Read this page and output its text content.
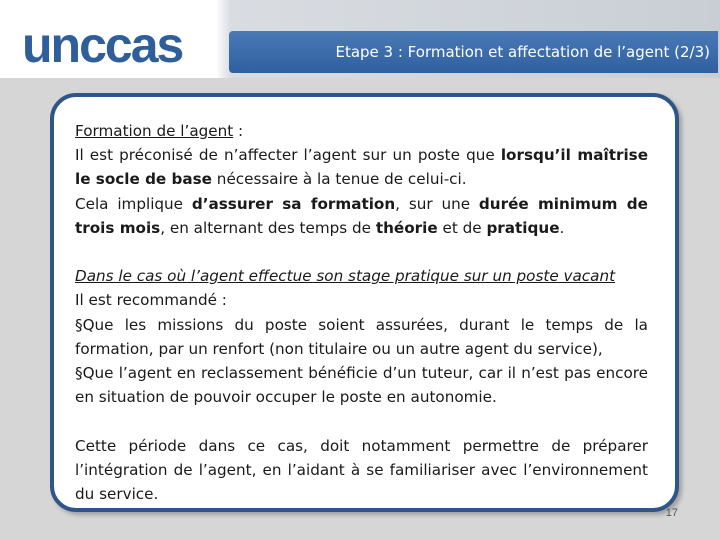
unccas	Etape 3 : Formation et affectation de l’agent (2/3)

Formation de l’agent :

Il est préconisé de n’affecter l’agent sur un poste que lorsqu’il maîtrise le socle de base nécessaire à la tenue de celui-ci.

Cela implique d’assurer sa formation, sur une durée minimum de trois mois, en alternant des temps de théorie et de pratique.

Dans le cas où l’agent effectue son stage pratique sur un poste vacant

Il est recommandé :

§Que les missions du poste soient assurées, durant le temps de la formation, par un renfort (non titulaire ou un autre agent du service),

§Que l’agent en reclassement bénéficie d’un tuteur, car il n’est pas encore en situation de pouvoir occuper le poste en autonomie.

Cette période dans ce cas, doit notamment permettre de préparer l’intégration de l’agent, en l’aidant à se familiariser avec l’environnement du service.

17
